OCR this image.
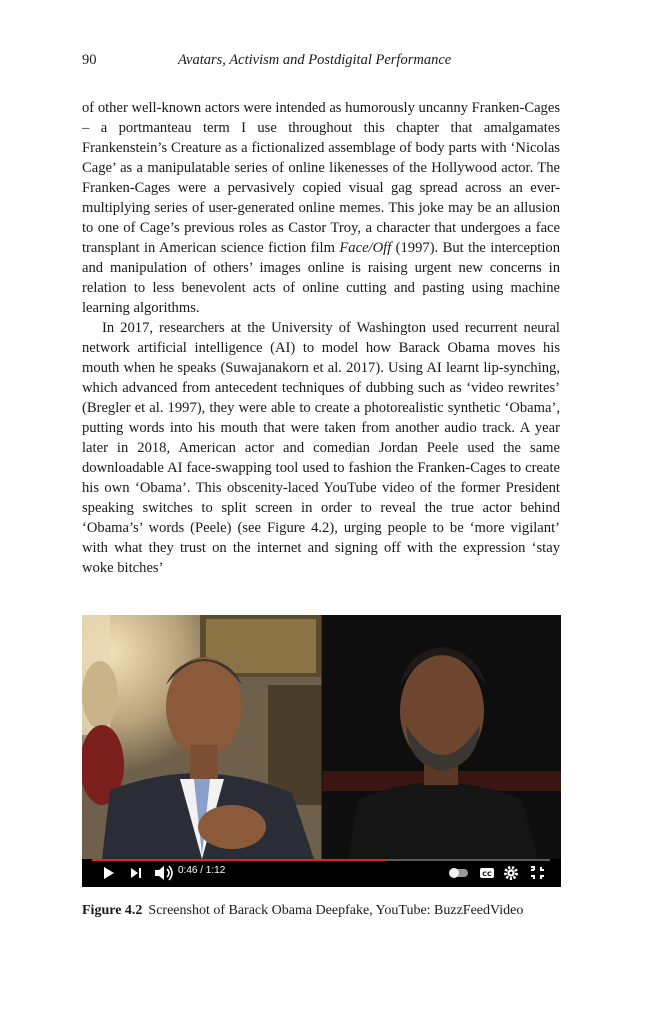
90	Avatars, Activism and Postdigital Performance

of other well-known actors were intended as humorously uncanny Franken-Cages – a portmanteau term I use throughout this chapter that amalgamates Frankenstein’s Creature as a fictionalized assemblage of body parts with ‘Nicolas Cage’ as a manipulatable series of online likenesses of the Hollywood actor. The Franken-Cages were a pervasively copied visual gag spread across an ever-multiplying series of user-generated online memes. This joke may be an allusion to one of Cage’s previous roles as Castor Troy, a character that undergoes a face transplant in American science fiction film Face/Off (1997). But the interception and manipulation of others’ images online is raising urgent new concerns in relation to less benevolent acts of online cutting and pasting using machine learning algorithms.

In 2017, researchers at the University of Washington used recurrent neural network artificial intelligence (AI) to model how Barack Obama moves his mouth when he speaks (Suwajanakorn et al. 2017). Using AI learnt lip-synching, which advanced from antecedent techniques of dubbing such as ‘video rewrites’ (Bregler et al. 1997), they were able to create a photorealistic synthetic ‘Obama’, putting words into his mouth that were taken from another audio track. A year later in 2018, American actor and comedian Jordan Peele used the same downloadable AI face-swapping tool used to fashion the Franken-Cages to create his own ‘Obama’. This obscenity-laced YouTube video of the former President speaking switches to split screen in order to reveal the true actor behind ‘Obama’s’ words (Peele) (see Figure 4.2), urging people to be ‘more vigilant’ with what they trust on the internet and signing off with the expression ‘stay woke bitches’

CC
0:46 / 1:12
Figure 4.2 Screenshot of Barack Obama Deepfake, YouTube: BuzzFeedVideo
